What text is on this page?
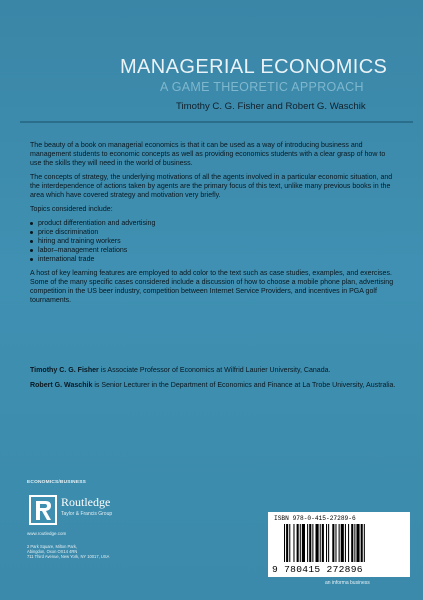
MANAGERIAL ECONOMICS
A GAME THEORETIC APPROACH
Timothy C. G. Fisher and Robert G. Waschik

The beauty of a book on managerial economics is that it can be used as a way of introducing business and management students to economic concepts as well as providing economics students with a clear grasp of how to use the skills they will need in the world of business.

The concepts of strategy, the underlying motivations of all the agents involved in a particular economic situation, and the interdependence of actions taken by agents are the primary focus of this text, unlike many previous books in the area which have covered strategy and motivation very briefly.

Topics considered include:

product differentiation and advertising
price discrimination
hiring and training workers
labor–management relations
international trade

A host of key learning features are employed to add color to the text such as case studies, examples, and exercises. Some of the many specific cases considered include a discussion of how to choose a mobile phone plan, advertising competition in the US beer industry, competition between Internet Service Providers, and incentives in PGA golf tournaments.

Timothy C. G. Fisher is Associate Professor of Economics at Wilfrid Laurier University, Canada.

Robert G. Waschik is Senior Lecturer in the Department of Economics and Finance at La Trobe University, Australia.

ECONOMICS/BUSINESS
Routledge
Taylor & Francis Group
www.routledge.com
2 Park Square, Milton Park,
Abingdon, Oxon OX14 4RN
711 Third Avenue, New York, NY 10017, USA
ISBN 978-0-415-27289-6
9 780415 272896
an informa business
